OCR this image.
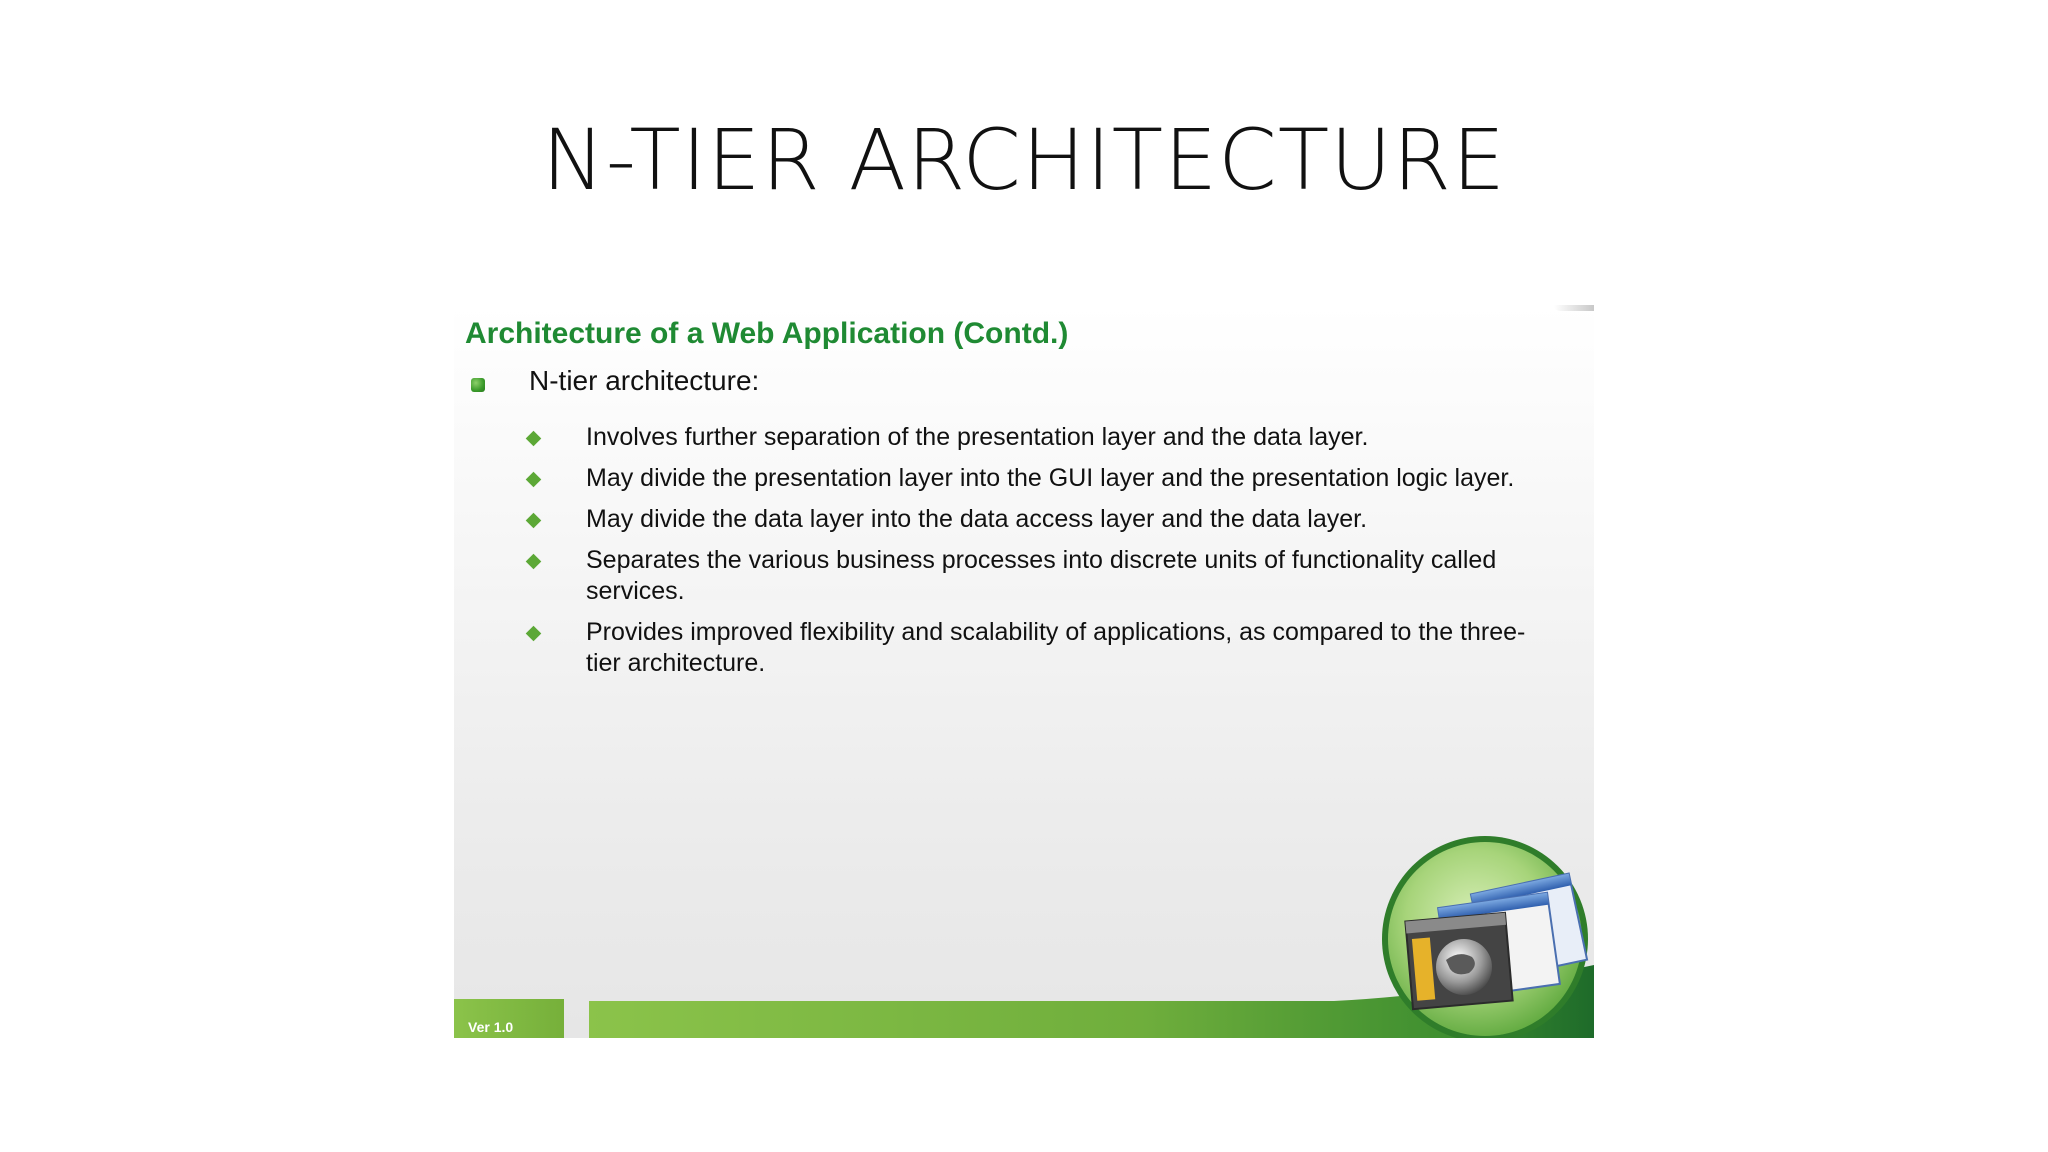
N-TIER ARCHITECTURE
Architecture of a Web Application (Contd.)
N-tier architecture:
Involves further separation of the presentation layer and the data layer.
May divide the presentation layer into the GUI layer and the presentation logic layer.
May divide the data layer into the data access layer and the data layer.
Separates the various business processes into discrete units of functionality called services.
Provides improved flexibility and scalability of applications, as compared to the three-tier architecture.
Ver 1.0
